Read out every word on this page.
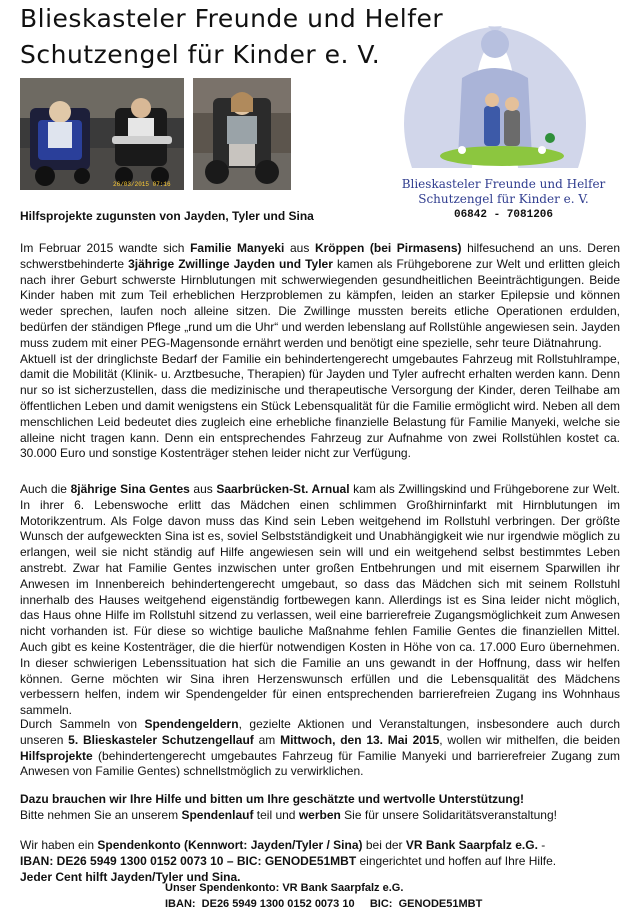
Blieskasteler Freunde und Helfer
Schutzengel für Kinder e. V.
26/03/2015 07:16	Blieskasteler Freunde und Helfer
Schutzengel für Kinder e. V.
06842 - 7081206
Hilfsprojekte zugunsten von Jayden, Tyler und Sina

Im Februar 2015 wandte sich Familie Manyeki aus Kröppen (bei Pirmasens) hilfesuchend an uns. Deren schwerstbehinderte 3jährige Zwillinge Jayden und Tyler kamen als Frühgeborene zur Welt und erlitten gleich nach ihrer Geburt schwerste Hirnblutungen mit schwerwiegenden gesundheitlichen Beeinträchtigungen. Beide Kinder haben mit zum Teil erheblichen Herzproblemen zu kämpfen, leiden an starker Epilepsie und können weder sprechen, laufen noch alleine sitzen. Die Zwillinge mussten bereits etliche Operationen erdulden, bedürfen der ständigen Pflege „rund um die Uhr“ und werden lebenslang auf Rollstühle angewiesen sein. Jayden muss zudem mit einer PEG-Magensonde ernährt werden und benötigt eine spezielle, sehr teure Diätnahrung.
Aktuell ist der dringlichste Bedarf der Familie ein behindertengerecht umgebautes Fahrzeug mit Rollstuhlrampe, damit die Mobilität (Klinik- u. Arztbesuche, Therapien) für Jayden und Tyler aufrecht erhalten werden kann. Denn nur so ist sicherzustellen, dass die medizinische und therapeutische Versorgung der Kinder, deren Teilhabe am öffentlichen Leben und damit wenigstens ein Stück Lebensqualität für die Familie ermöglicht wird. Neben all dem menschlichen Leid bedeutet dies zugleich eine erhebliche finanzielle Belastung für Familie Manyeki, welche sie alleine nicht tragen kann. Denn ein entsprechendes Fahrzeug zur Aufnahme von zwei Rollstühlen kostet ca. 30.000 Euro und sonstige Kostenträger stehen leider nicht zur Verfügung.

Auch die 8jährige Sina Gentes aus Saarbrücken-St. Arnual kam als Zwillingskind und Frühgeborene zur Welt. In ihrer 6. Lebenswoche erlitt das Mädchen einen schlimmen Großhirninfarkt mit Hirnblutungen im Motorikzentrum. Als Folge davon muss das Kind sein Leben weitgehend im Rollstuhl verbringen. Der größte Wunsch der aufgeweckten Sina ist es, soviel Selbstständigkeit und Unabhängigkeit wie nur irgendwie möglich zu erlangen, weil sie nicht ständig auf Hilfe angewiesen sein will und ein weitgehend selbst bestimmtes Leben anstrebt. Zwar hat Familie Gentes inzwischen unter großen Entbehrungen und mit eisernem Sparwillen ihr Anwesen im Innenbereich behindertengerecht umgebaut, so dass das Mädchen sich mit seinem Rollstuhl innerhalb des Hauses weitgehend eigenständig fortbewegen kann. Allerdings ist es Sina leider nicht möglich, das Haus ohne Hilfe im Rollstuhl sitzend zu verlassen, weil eine barrierefreie Zugangsmöglichkeit zum Anwesen nicht vorhanden ist. Für diese so wichtige bauliche Maßnahme fehlen Familie Gentes die finanziellen Mittel. Auch gibt es keine Kostenträger, die die hierfür notwendigen Kosten in Höhe von ca. 17.000 Euro übernehmen. In dieser schwierigen Lebenssituation hat sich die Familie an uns gewandt in der Hoffnung, dass wir helfen können. Gerne möchten wir Sina ihren Herzenswunsch erfüllen und die Lebensqualität des Mädchens verbessern helfen, indem wir Spendengelder für einen entsprechenden barrierefreien Zugang ins Wohnhaus sammeln.

Durch Sammeln von Spendengeldern, gezielte Aktionen und Veranstaltungen, insbesondere auch durch unseren 5. Blieskasteler Schutzengellauf am Mittwoch, den 13. Mai 2015, wollen wir mithelfen, die beiden Hilfsprojekte (behindertengerecht umgebautes Fahrzeug für Familie Manyeki und barrierefreier Zugang zum Anwesen von Familie Gentes) schnellstmöglich zu verwirklichen.

Dazu brauchen wir Ihre Hilfe und bitten um Ihre geschätzte und wertvolle Unterstützung!
Bitte nehmen Sie an unserem Spendenlauf teil und werben Sie für unsere Solidaritätsveranstaltung!

Wir haben ein Spendenkonto (Kennwort: Jayden/Tyler / Sina) bei der VR Bank Saarpfalz e.G. -
IBAN: DE26 5949 1300 0152 0073 10 – BIC: GENODE51MBT eingerichtet und hoffen auf Ihre Hilfe.
Jeder Cent hilft Jayden/Tyler und Sina.

Unser Spendenkonto: VR Bank Saarpfalz e.G.
IBAN:  DE26 5949 1300 0152 0073 10     BIC:  GENODE51MBT
